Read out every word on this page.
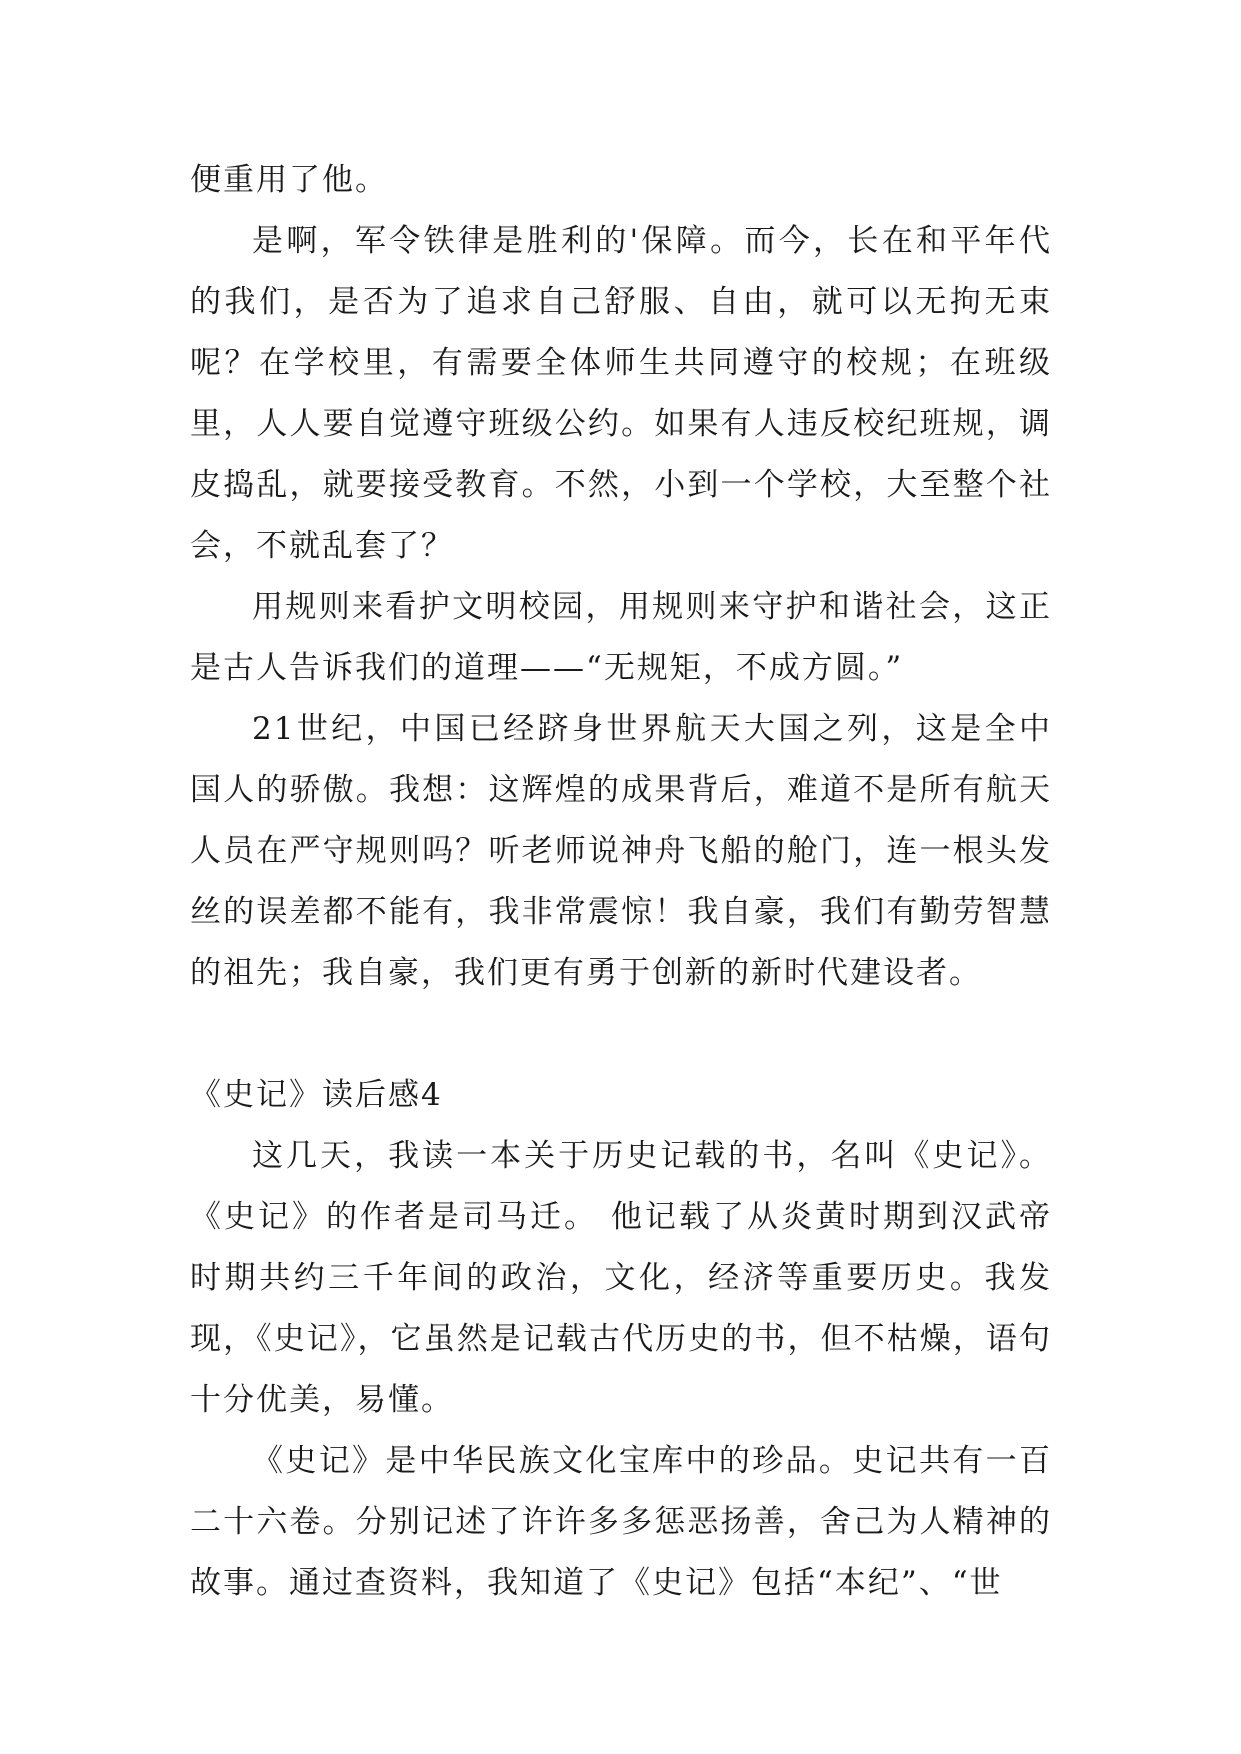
便重用了他。

是啊，军令铁律是胜利的'保障。而今，长在和平年代的我们，是否为了追求自己舒服、自由，就可以无拘无束呢？在学校里，有需要全体师生共同遵守的校规；在班级里，人人要自觉遵守班级公约。如果有人违反校纪班规，调皮捣乱，就要接受教育。不然，小到一个学校，大至整个社会，不就乱套了？

用规则来看护文明校园，用规则来守护和谐社会，这正是古人告诉我们的道理——“无规矩，不成方圆。”

21世纪，中国已经跻身世界航天大国之列，这是全中国人的骄傲。我想：这辉煌的成果背后，难道不是所有航天人员在严守规则吗？听老师说神舟飞船的舱门，连一根头发丝的误差都不能有，我非常震惊！我自豪，我们有勤劳智慧的祖先；我自豪，我们更有勇于创新的新时代建设者。

《史记》读后感4

这几天，我读一本关于历史记载的书，名叫《史记》。《史记》的作者是司马迁。 他记载了从炎黄时期到汉武帝时期共约三千年间的政治，文化，经济等重要历史。我发现，《史记》，它虽然是记载古代历史的书，但不枯燥，语句十分优美，易懂。

《史记》是中华民族文化宝库中的珍品。史记共有一百二十六卷。分别记述了许许多多惩恶扬善，舍己为人精神的故事。通过查资料，我知道了《史记》包括“本纪”、“世
